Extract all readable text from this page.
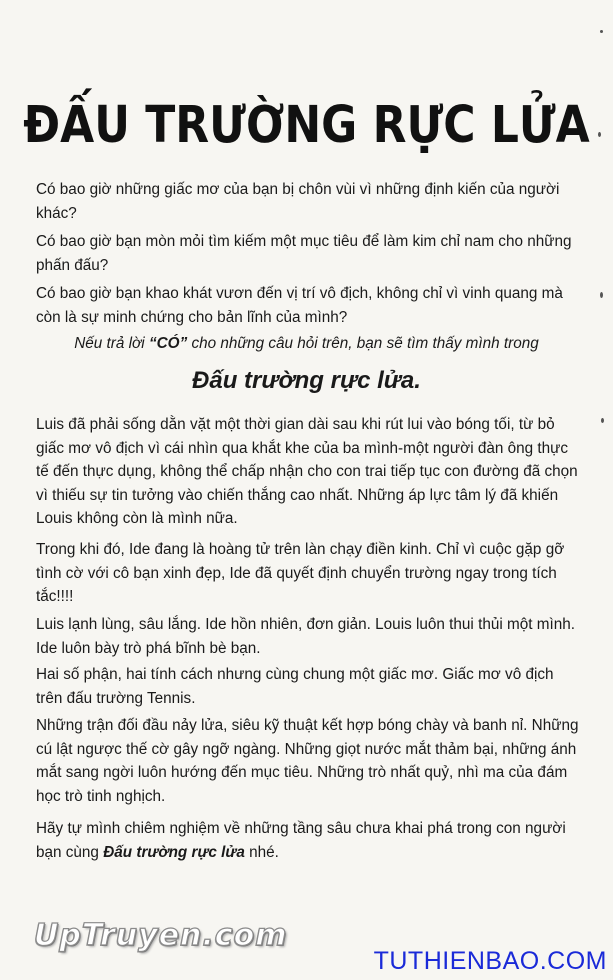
ĐẤU TRƯỜNG RỰC LỬA

Có bao giờ những giấc mơ của bạn bị chôn vùi vì những định kiến của người khác?

Có bao giờ bạn mòn mỏi tìm kiếm một mục tiêu để làm kim chỉ nam cho những phấn đấu?

Có bao giờ bạn khao khát vươn đến vị trí vô địch, không chỉ vì vinh quang mà còn là sự minh chứng cho bản lĩnh của mình?

Nếu trả lời “CÓ” cho những câu hỏi trên, bạn sẽ tìm thấy mình trong
Đấu trường rực lửa.

Luis đã phải sống dằn vặt một thời gian dài sau khi rút lui vào bóng tối, từ bỏ giấc mơ vô địch vì cái nhìn qua khắt khe của ba mình-một người đàn ông thực tế đến thực dụng, không thể chấp nhận cho con trai tiếp tục con đường đã chọn vì thiếu sự tin tưởng vào chiến thắng cao nhất. Những áp lực tâm lý đã khiến Louis không còn là mình nữa.

Trong khi đó, Ide đang là hoàng tử trên làn chạy điền kinh. Chỉ vì cuộc gặp gỡ tình cờ với cô bạn xinh đẹp, Ide đã quyết định chuyển trường ngay trong tích tắc!!!!

Luis lạnh lùng, sâu lắng. Ide hồn nhiên, đơn giản. Louis luôn thui thủi một mình. Ide luôn bày trò phá bĩnh bè bạn.

Hai số phận, hai tính cách nhưng cùng chung một giấc mơ. Giấc mơ vô địch trên đấu trường Tennis.

Những trận đối đầu nảy lửa, siêu kỹ thuật kết hợp bóng chày và banh nỉ. Những cú lật ngược thế cờ gây ngỡ ngàng. Những giọt nước mắt thảm bại, những ánh mắt sang ngời luôn hướng đến mục tiêu. Những trò nhất quỷ, nhì ma của đám học trò tinh nghịch.

Hãy tự mình chiêm nghiệm về những tầng sâu chưa khai phá trong con người bạn cùng Đấu trường rực lửa nhé.

UpTruyen.com
TUTHIENBAO.COM
